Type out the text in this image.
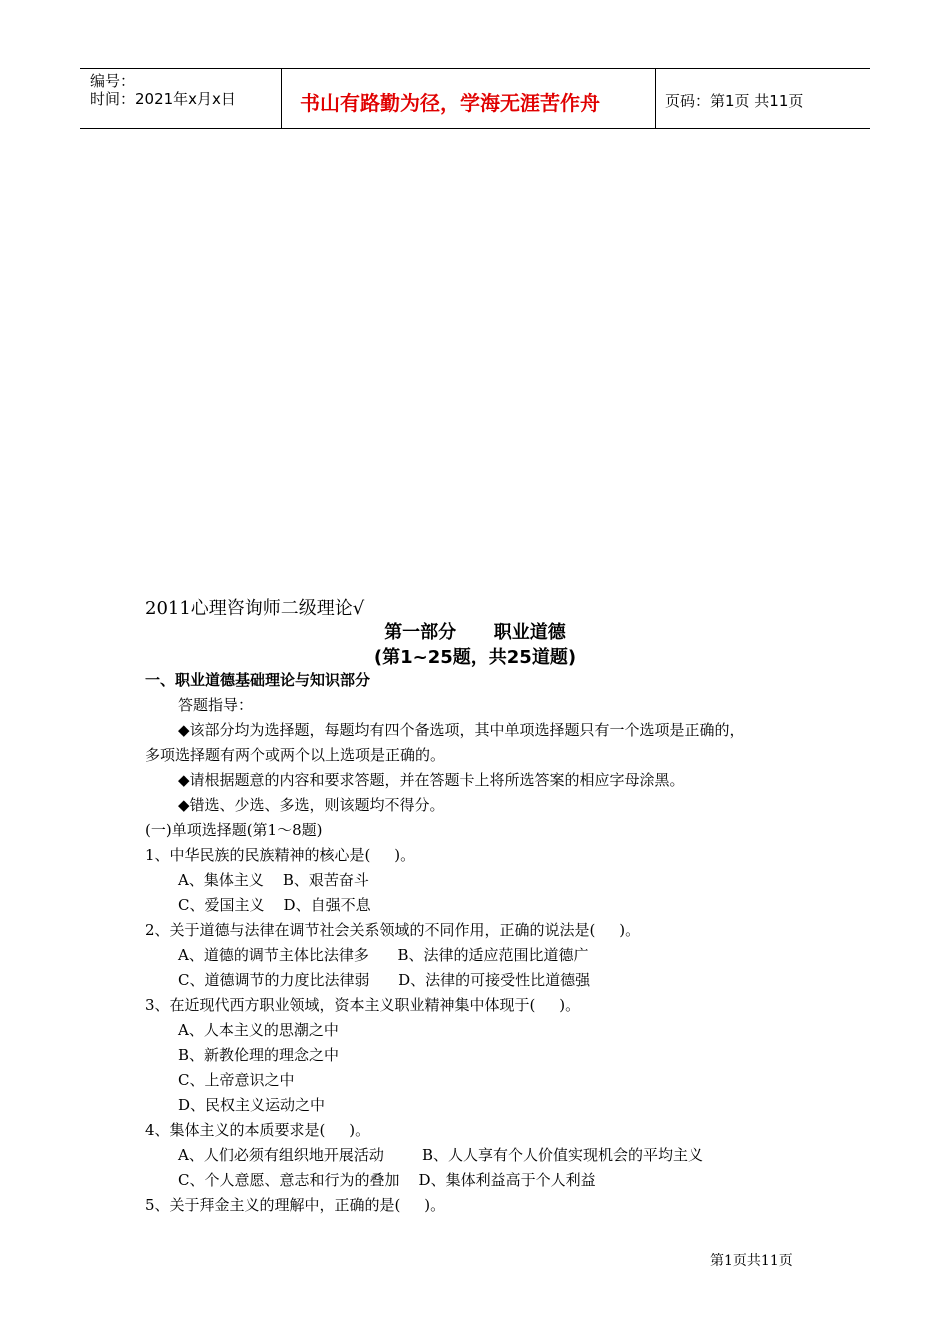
编号：
时间：2021年x月x日	书山有路勤为径，学海无涯苦作舟	页码：第1页 共11页
2011心理咨询师二级理论√
第一部分      职业道德
(第1~25题，共25道题)
一、职业道德基础理论与知识部分
答题指导：
◆该部分均为选择题，每题均有四个备选项，其中单项选择题只有一个选项是正确的，
多项选择题有两个或两个以上选项是正确的。
◆请根据题意的内容和要求答题，并在答题卡上将所选答案的相应字母涂黑。
◆错选、少选、多选，则该题均不得分。
(一)单项选择题(第1～8题)
1、中华民族的民族精神的核心是(     )。
A、集体主义    B、艰苦奋斗
C、爱国主义    D、自强不息
2、关于道德与法律在调节社会关系领域的不同作用，正确的说法是(     )。
A、道德的调节主体比法律多      B、法律的适应范围比道德广
C、道德调节的力度比法律弱      D、法律的可接受性比道德强
3、在近现代西方职业领域，资本主义职业精神集中体现于(     )。
A、人本主义的思潮之中
B、新教伦理的理念之中
C、上帝意识之中
D、民权主义运动之中
4、集体主义的本质要求是(     )。
A、人们必须有组织地开展活动        B、人人享有个人价值实现机会的平均主义
C、个人意愿、意志和行为的叠加    D、集体利益高于个人利益
5、关于拜金主义的理解中，正确的是(     )。
第1页共11页
